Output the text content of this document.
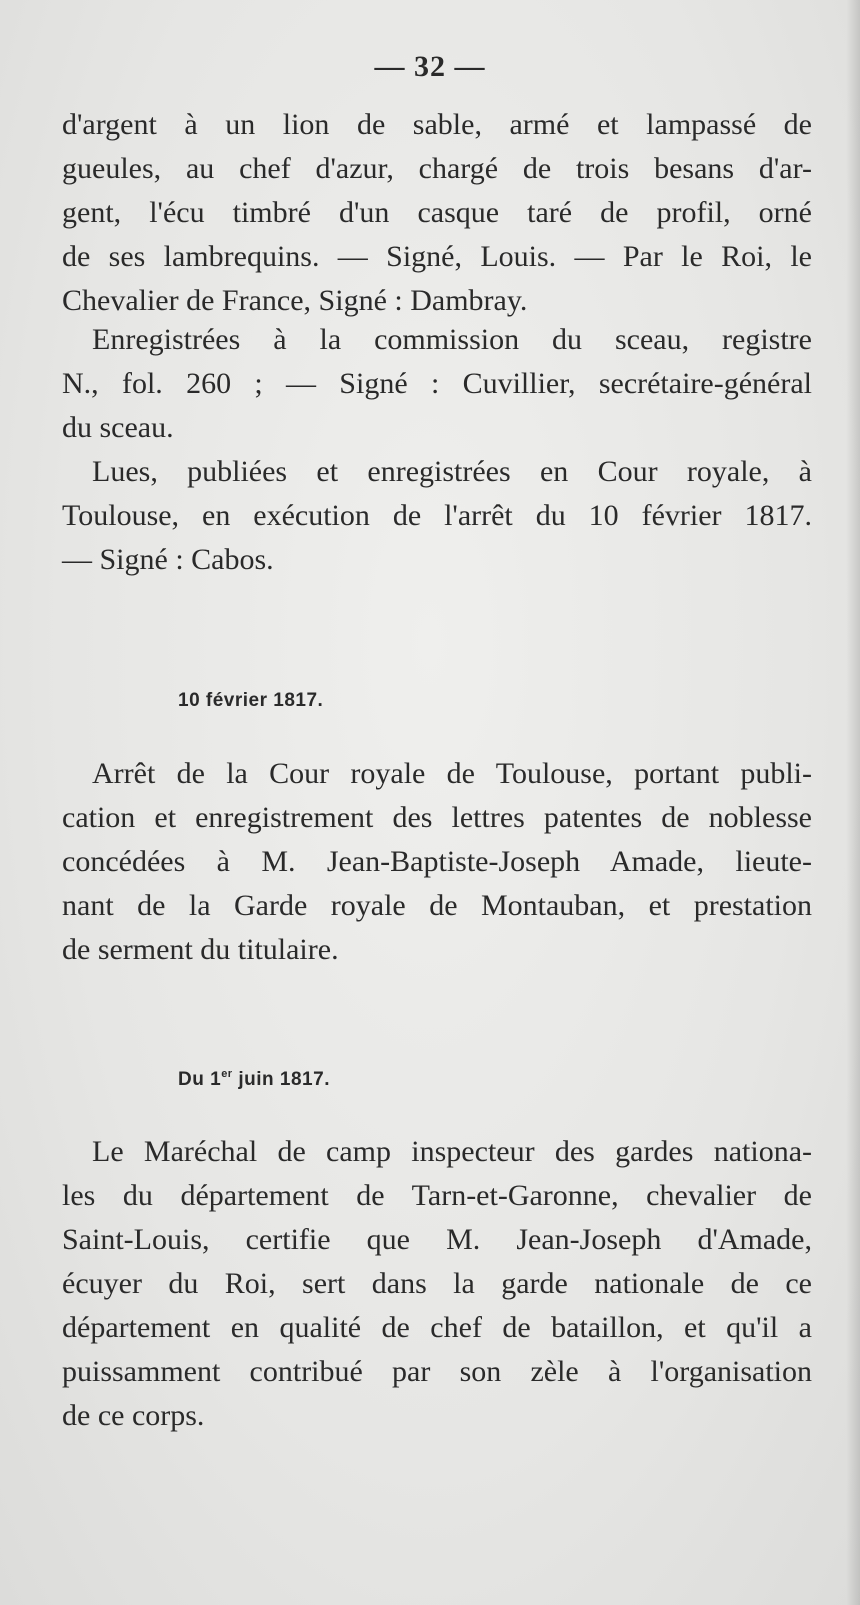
— 32 —
d'argent à un lion de sable, armé et lampassé de
gueules, au chef d'azur, chargé de trois besans d'ar-
gent, l'écu timbré d'un casque taré de profil, orné
de ses lambrequins. — Signé, Louis. — Par le Roi, le
Chevalier de France, Signé : Dambray.
Enregistrées à la commission du sceau, registre
N., fol. 260 ; — Signé : Cuvillier, secrétaire-général
du sceau.
Lues, publiées et enregistrées en Cour royale, à
Toulouse, en exécution de l'arrêt du 10 février 1817.
— Signé : Cabos.
10 février 1817.
Arrêt de la Cour royale de Toulouse, portant publi-
cation et enregistrement des lettres patentes de noblesse
concédées à M. Jean-Baptiste-Joseph Amade, lieute-
nant de la Garde royale de Montauban, et prestation
de serment du titulaire.
Du 1er juin 1817.
Le Maréchal de camp inspecteur des gardes nationa-
les du département de Tarn-et-Garonne, chevalier de
Saint-Louis, certifie que M. Jean-Joseph d'Amade,
écuyer du Roi, sert dans la garde nationale de ce
département en qualité de chef de bataillon, et qu'il a
puissamment contribué par son zèle à l'organisation
de ce corps.
